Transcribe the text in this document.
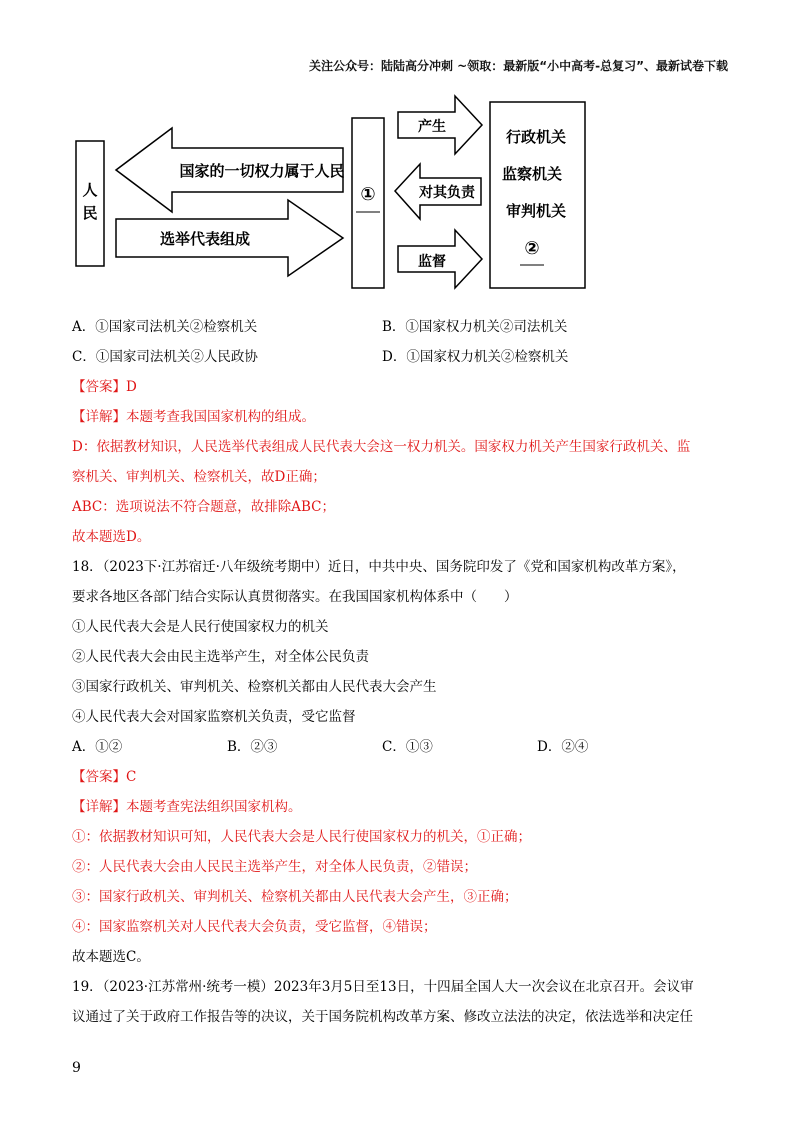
关注公众号：陆陆高分冲刺 ~领取：最新版“小中高考-总复习”、最新试卷下载
人
民
国家的一切权力属于人民
选举代表组成
①
产生
对其负责
监督
行政机关
监察机关
审判机关
②
A．①国家司法机关②检察机关	B．①国家权力机关②司法机关
C．①国家司法机关②人民政协	D．①国家权力机关②检察机关
【答案】D
【详解】本题考查我国国家机构的组成。
D：依据教材知识，人民选举代表组成人民代表大会这一权力机关。国家权力机关产生国家行政机关、监
察机关、审判机关、检察机关，故D正确；
ABC：选项说法不符合题意，故排除ABC；
故本题选D。
18．（2023下·江苏宿迁·八年级统考期中）近日，中共中央、国务院印发了《党和国家机构改革方案》，
要求各地区各部门结合实际认真贯彻落实。在我国国家机构体系中（　　）
①人民代表大会是人民行使国家权力的机关
②人民代表大会由民主选举产生，对全体公民负责
③国家行政机关、审判机关、检察机关都由人民代表大会产生
④人民代表大会对国家监察机关负责，受它监督
A．①②	B．②③	C．①③	D．②④
【答案】C
【详解】本题考查宪法组织国家机构。
①：依据教材知识可知，人民代表大会是人民行使国家权力的机关，①正确；
②：人民代表大会由人民民主选举产生，对全体人民负责，②错误；
③：国家行政机关、审判机关、检察机关都由人民代表大会产生，③正确；
④：国家监察机关对人民代表大会负责，受它监督，④错误；
故本题选C。
19．（2023·江苏常州·统考一模）2023年3月5日至13日，十四届全国人大一次会议在北京召开。会议审
议通过了关于政府工作报告等的决议，关于国务院机构改革方案、修改立法法的决定，依法选举和决定任
9
